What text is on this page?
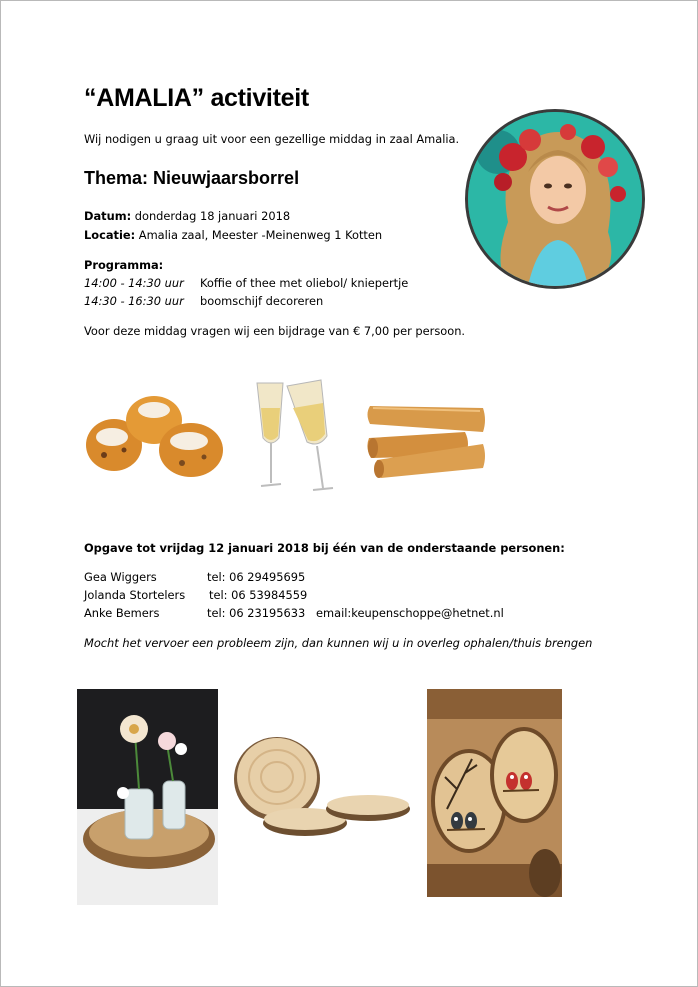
“AMALIA” activiteit
Wij nodigen u graag uit voor een gezellige middag in zaal Amalia.
Thema: Nieuwjaarsborrel
Datum: donderdag 18 januari 2018
Locatie: Amalia zaal, Meester -Meinenweg 1 Kotten
Programma:
14:00 - 14:30 uur Koffie of thee met oliebol/ kniepertje
14:30 - 16:30 uur boomschijf decoreren
Voor deze middag vragen wij een bijdrage van € 7,00 per persoon.
Opgave tot vrijdag 12 januari 2018 bij één van de onderstaande personen:
Gea Wiggers	tel: 06 29495695
Jolanda Stortelers tel: 06 53984559
Anke Bemers	tel: 06 23195633 email:keupenschoppe@hetnet.nl
Mocht het vervoer een probleem zijn, dan kunnen wij u in overleg ophalen/thuis brengen
